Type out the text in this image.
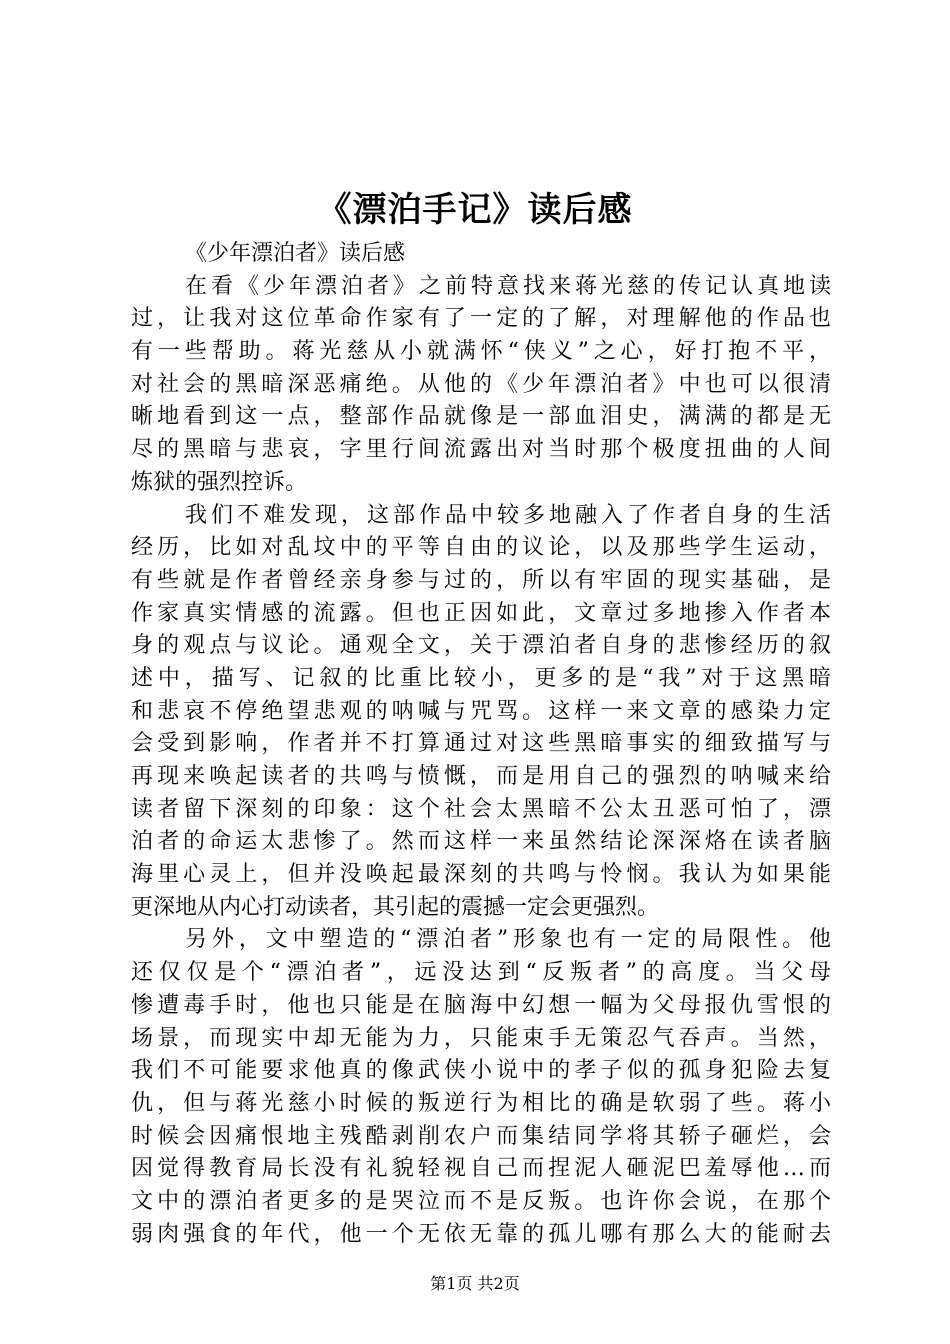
《漂泊手记》读后感
《少年漂泊者》读后感
在看《少年漂泊者》之前特意找来蒋光慈的传记认真地读
过，让我对这位革命作家有了一定的了解，对理解他的作品也
有一些帮助。蒋光慈从小就满怀“侠义”之心，好打抱不平，
对社会的黑暗深恶痛绝。从他的《少年漂泊者》中也可以很清
晰地看到这一点，整部作品就像是一部血泪史，满满的都是无
尽的黑暗与悲哀，字里行间流露出对当时那个极度扭曲的人间
炼狱的强烈控诉。
我们不难发现，这部作品中较多地融入了作者自身的生活
经历，比如对乱坟中的平等自由的议论，以及那些学生运动，
有些就是作者曾经亲身参与过的，所以有牢固的现实基础，是
作家真实情感的流露。但也正因如此，文章过多地掺入作者本
身的观点与议论。通观全文，关于漂泊者自身的悲惨经历的叙
述中，描写、记叙的比重比较小，更多的是“我”对于这黑暗
和悲哀不停绝望悲观的呐喊与咒骂。这样一来文章的感染力定
会受到影响，作者并不打算通过对这些黑暗事实的细致描写与
再现来唤起读者的共鸣与愤慨，而是用自己的强烈的呐喊来给
读者留下深刻的印象：这个社会太黑暗不公太丑恶可怕了，漂
泊者的命运太悲惨了。然而这样一来虽然结论深深烙在读者脑
海里心灵上，但并没唤起最深刻的共鸣与怜悯。我认为如果能
更深地从内心打动读者，其引起的震撼一定会更强烈。
另外，文中塑造的“漂泊者”形象也有一定的局限性。他
还仅仅是个“漂泊者”，远没达到“反叛者”的高度。当父母
惨遭毒手时，他也只能是在脑海中幻想一幅为父母报仇雪恨的
场景，而现实中却无能为力，只能束手无策忍气吞声。当然，
我们不可能要求他真的像武侠小说中的孝子似的孤身犯险去复
仇，但与蒋光慈小时候的叛逆行为相比的确是软弱了些。蒋小
时候会因痛恨地主残酷剥削农户而集结同学将其轿子砸烂，会
因觉得教育局长没有礼貌轻视自己而捏泥人砸泥巴羞辱他…而
文中的漂泊者更多的是哭泣而不是反叛。也许你会说，在那个
弱肉强食的年代，他一个无依无靠的孤儿哪有那么大的能耐去
第1页 共2页
